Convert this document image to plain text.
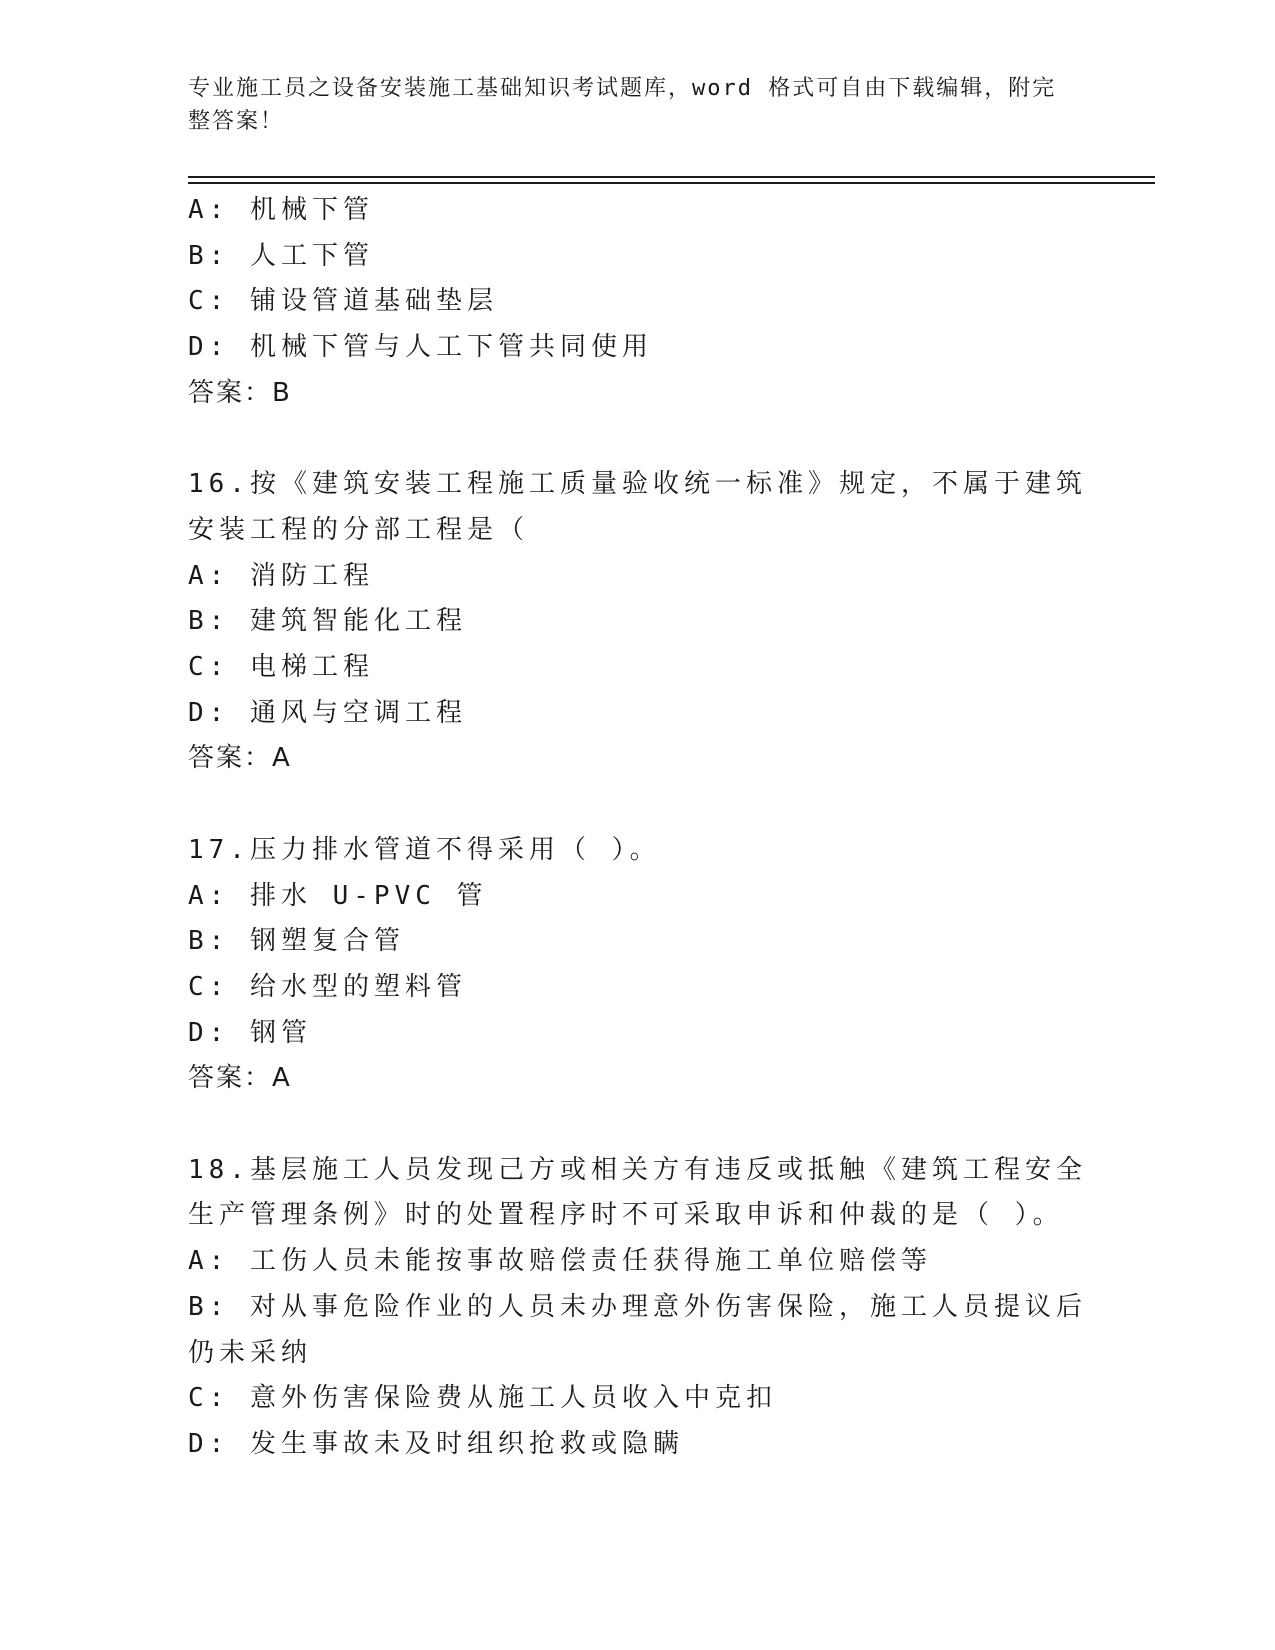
专业施工员之设备安装施工基础知识考试题库，word 格式可自由下载编辑，附完整答案！
A: 机械下管
B: 人工下管
C: 铺设管道基础垫层
D: 机械下管与人工下管共同使用
答案：B
16.按《建筑安装工程施工质量验收统一标准》规定，不属于建筑安装工程的分部工程是（
A: 消防工程
B: 建筑智能化工程
C: 电梯工程
D: 通风与空调工程
答案：A
17.压力排水管道不得采用（ ）。
A: 排水 U-PVC 管
B: 钢塑复合管
C: 给水型的塑料管
D: 钢管
答案：A
18.基层施工人员发现己方或相关方有违反或抵触《建筑工程安全生产管理条例》时的处置程序时不可采取申诉和仲裁的是（ ）。
A: 工伤人员未能按事故赔偿责任获得施工单位赔偿等
B: 对从事危险作业的人员未办理意外伤害保险，施工人员提议后仍未采纳
C: 意外伤害保险费从施工人员收入中克扣
D: 发生事故未及时组织抢救或隐瞒
